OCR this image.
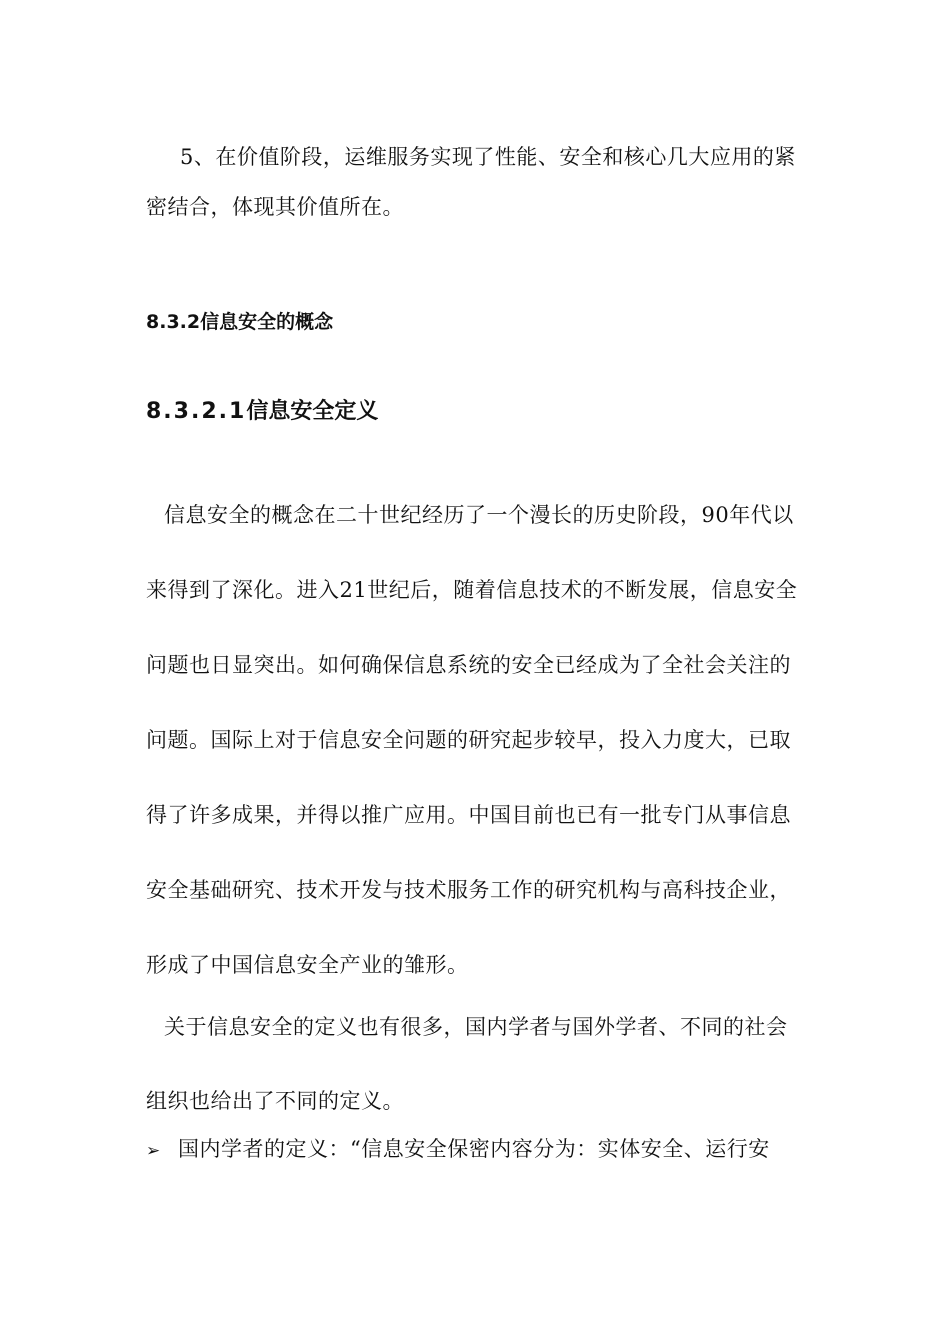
5、在价值阶段，运维服务实现了性能、安全和核心几大应用的紧密结合，体现其价值所在。

8.3.2信息安全的概念
8.3.2.1信息安全定义

信息安全的概念在二十世纪经历了一个漫长的历史阶段，90年代以来得到了深化。进入21世纪后，随着信息技术的不断发展，信息安全问题也日显突出。如何确保信息系统的安全已经成为了全社会关注的问题。国际上对于信息安全问题的研究起步较早，投入力度大，已取得了许多成果，并得以推广应用。中国目前也已有一批专门从事信息安全基础研究、技术开发与技术服务工作的研究机构与高科技企业，形成了中国信息安全产业的雏形。

关于信息安全的定义也有很多，国内学者与国外学者、不同的社会组织也给出了不同的定义。

➢ 国内学者的定义：“信息安全保密内容分为：实体安全、运行安
